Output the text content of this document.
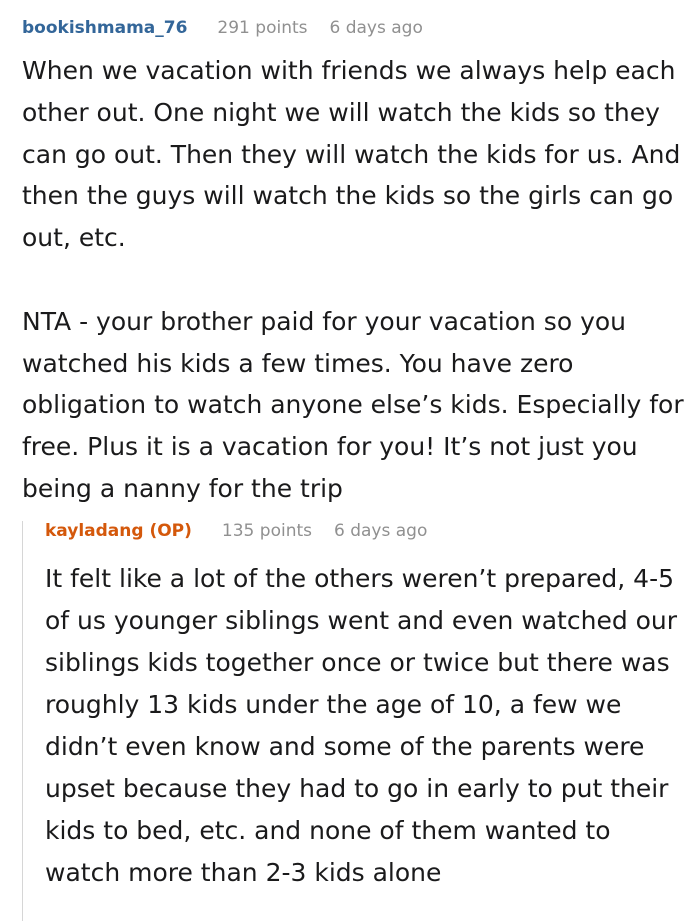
bookishmama_76 291 points 6 days ago

When we vacation with friends we always help each other out. One night we will watch the kids so they can go out. Then they will watch the kids for us. And then the guys will watch the kids so the girls can go out, etc.

NTA - your brother paid for your vacation so you watched his kids a few times. You have zero obligation to watch anyone else’s kids. Especially for free. Plus it is a vacation for you! It’s not just you being a nanny for the trip

kayladang (OP) 135 points 6 days ago
It felt like a lot of the others weren’t prepared, 4-5 of us younger siblings went and even watched our siblings kids together once or twice but there was roughly 13 kids under the age of 10, a few we didn’t even know and some of the parents were upset because they had to go in early to put their kids to bed, etc. and none of them wanted to watch more than 2-3 kids alone
